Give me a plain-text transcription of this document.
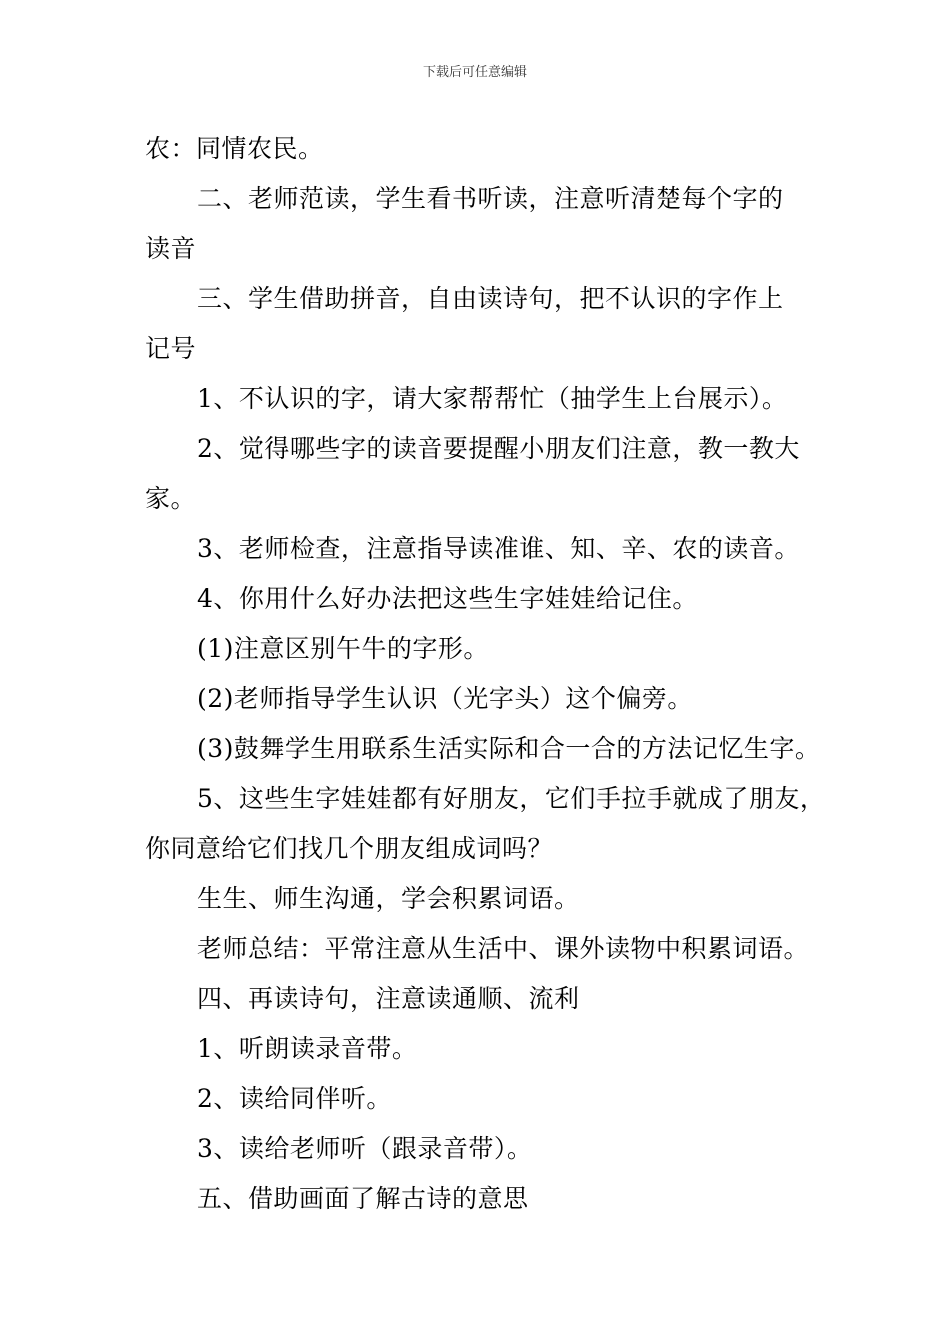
下载后可任意编辑

农：同情农民。

二、老师范读，学生看书听读，注意听清楚每个字的

读音

三、学生借助拼音，自由读诗句，把不认识的字作上

记号

1、不认识的字，请大家帮帮忙（抽学生上台展示）。

2、觉得哪些字的读音要提醒小朋友们注意，教一教大

家。

3、老师检查，注意指导读准谁、知、辛、农的读音。

4、你用什么好办法把这些生字娃娃给记住。

(1)注意区别午牛的字形。

(2)老师指导学生认识（光字头）这个偏旁。

(3)鼓舞学生用联系生活实际和合一合的方法记忆生字。

5、这些生字娃娃都有好朋友，它们手拉手就成了朋友，

你同意给它们找几个朋友组成词吗？

生生、师生沟通，学会积累词语。

老师总结：平常注意从生活中、课外读物中积累词语。

四、再读诗句，注意读通顺、流利

1、听朗读录音带。

2、读给同伴听。

3、读给老师听（跟录音带）。

五、借助画面了解古诗的意思
